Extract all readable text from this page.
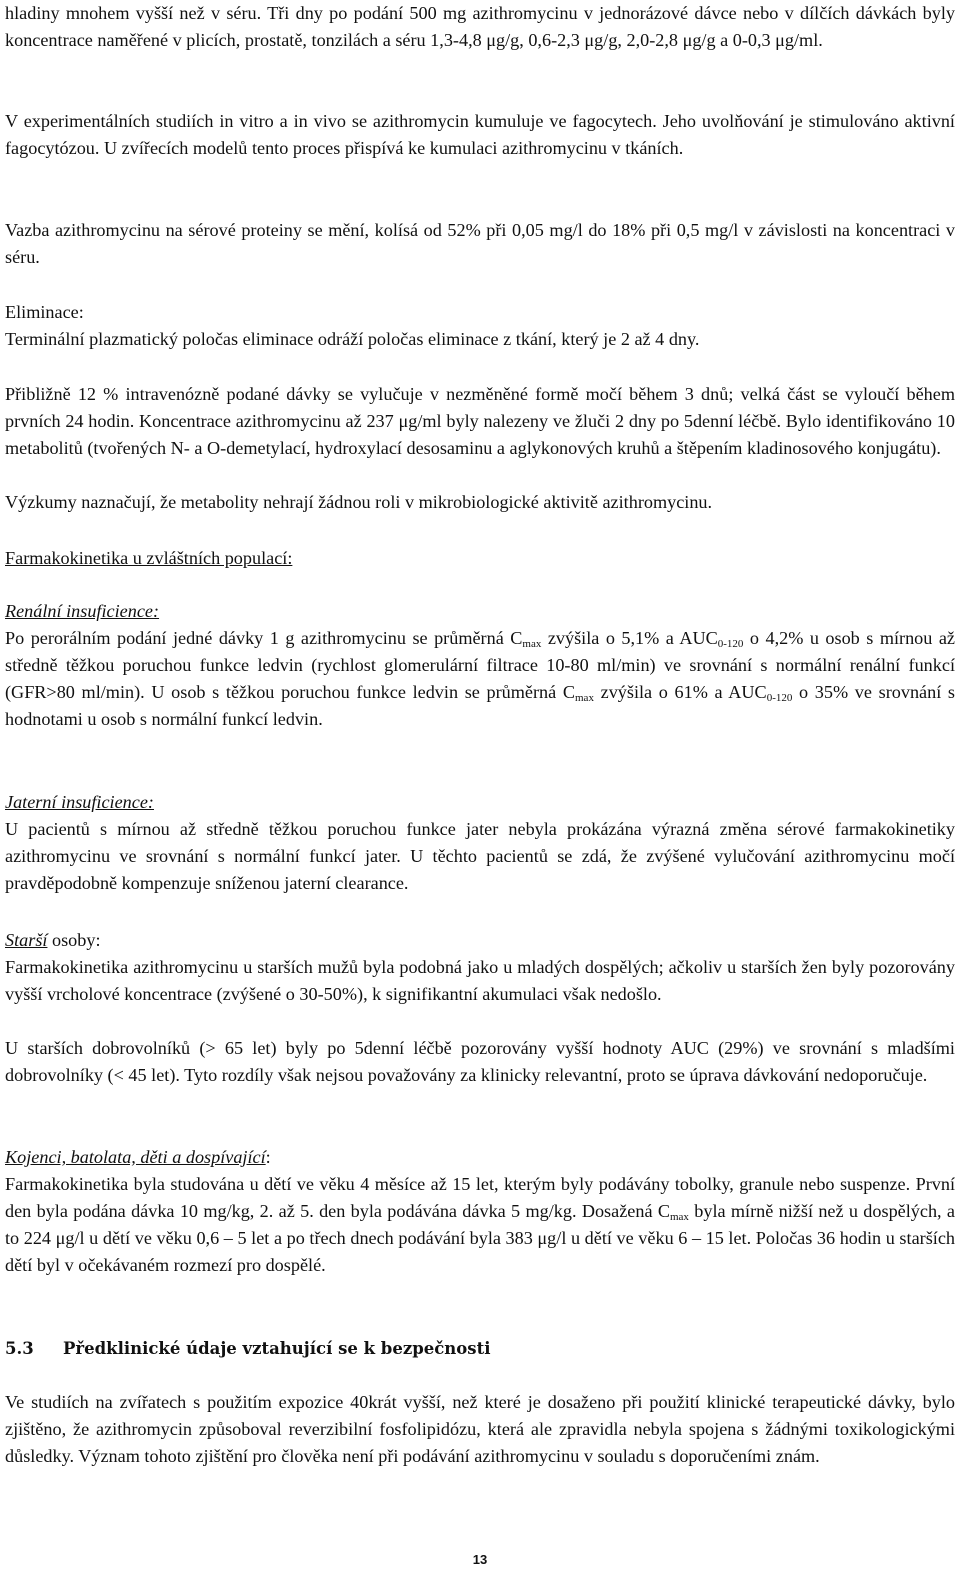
hladiny mnohem vyšší než v séru. Tři dny po podání 500 mg azithromycinu v jednorázové dávce nebo v dílčích dávkách byly koncentrace naměřené v plicích, prostatě, tonzilách a séru 1,3-4,8 μg/g, 0,6-2,3 μg/g, 2,0-2,8 μg/g a 0-0,3 μg/ml.

V experimentálních studiích in vitro a in vivo se azithromycin kumuluje ve fagocytech. Jeho uvolňování je stimulováno aktivní fagocytózou. U zvířecích modelů tento proces přispívá ke kumulaci azithromycinu v tkáních.

Vazba azithromycinu na sérové proteiny se mění, kolísá od 52% při 0,05 mg/l do 18% při 0,5 mg/l v závislosti na koncentraci v séru.

Eliminace:

Terminální plazmatický poločas eliminace odráží poločas eliminace z tkání, který je 2 až 4 dny.

Přibližně 12 % intravenózně podané dávky se vylučuje v nezměněné formě močí během 3 dnů; velká část se vyloučí během prvních 24 hodin. Koncentrace azithromycinu až 237 μg/ml byly nalezeny ve žluči 2 dny po 5denní léčbě. Bylo identifikováno 10 metabolitů (tvořených N- a O-demetylací, hydroxylací desosaminu a aglykonových kruhů a štěpením kladinosového konjugátu).

Výzkumy naznačují, že metabolity nehrají žádnou roli v mikrobiologické aktivitě azithromycinu.

Farmakokinetika u zvláštních populací:

Renální insuficience:

Po perorálním podání jedné dávky 1 g azithromycinu se průměrná $C_{max}$ zvýšila o 5,1% a $AUC_{0-120}$ o 4,2% u osob s mírnou až středně těžkou poruchou funkce ledvin (rychlost glomerulární filtrace 10-80 ml/min) ve srovnání s normální renální funkcí (GFR>80 ml/min). U osob s těžkou poruchou funkce ledvin se průměrná $C_{max}$ zvýšila o 61% a $AUC_{0-120}$ o 35% ve srovnání s hodnotami u osob s normální funkcí ledvin.

Jaterní insuficience:

U pacientů s mírnou až středně těžkou poruchou funkce jater nebyla prokázána výrazná změna sérové farmakokinetiky azithromycinu ve srovnání s normální funkcí jater. U těchto pacientů se zdá, že zvýšené vylučování azithromycinu močí pravděpodobně kompenzuje sníženou jaterní clearance.

Starší osoby:

Farmakokinetika azithromycinu u starších mužů byla podobná jako u mladých dospělých; ačkoliv u starších žen byly pozorovány vyšší vrcholové koncentrace (zvýšené o 30-50%), k signifikantní akumulaci však nedošlo.

U starších dobrovolníků (> 65 let) byly po 5denní léčbě pozorovány vyšší hodnoty AUC (29%) ve srovnání s mladšími dobrovolníky (< 45 let). Tyto rozdíly však nejsou považovány za klinicky relevantní, proto se úprava dávkování nedoporučuje.

Kojenci, batolata, děti a dospívající:

Farmakokinetika byla studována u dětí ve věku 4 měsíce až 15 let, kterým byly podávány tobolky, granule nebo suspenze. První den byla podána dávka 10 mg/kg, 2. až 5. den byla podávána dávka 5 mg/kg. Dosažená $C_{max}$ byla mírně nižší než u dospělých, a to 224 μg/l u dětí ve věku 0,6 – 5 let a po třech dnech podávání byla 383 μg/l u dětí ve věku 6 – 15 let. Poločas 36 hodin u starších dětí byl v očekávaném rozmezí pro dospělé.

5.3 Předklinické údaje vztahující se k bezpečnosti

Ve studiích na zvířatech s použitím expozice 40krát vyšší, než které je dosaženo při použití klinické terapeutické dávky, bylo zjištěno, že azithromycin způsoboval reverzibilní fosfolipidózu, která ale zpravidla nebyla spojena s žádnými toxikologickými důsledky. Význam tohoto zjištění pro člověka není při podávání azithromycinu v souladu s doporučeními znám.

13
